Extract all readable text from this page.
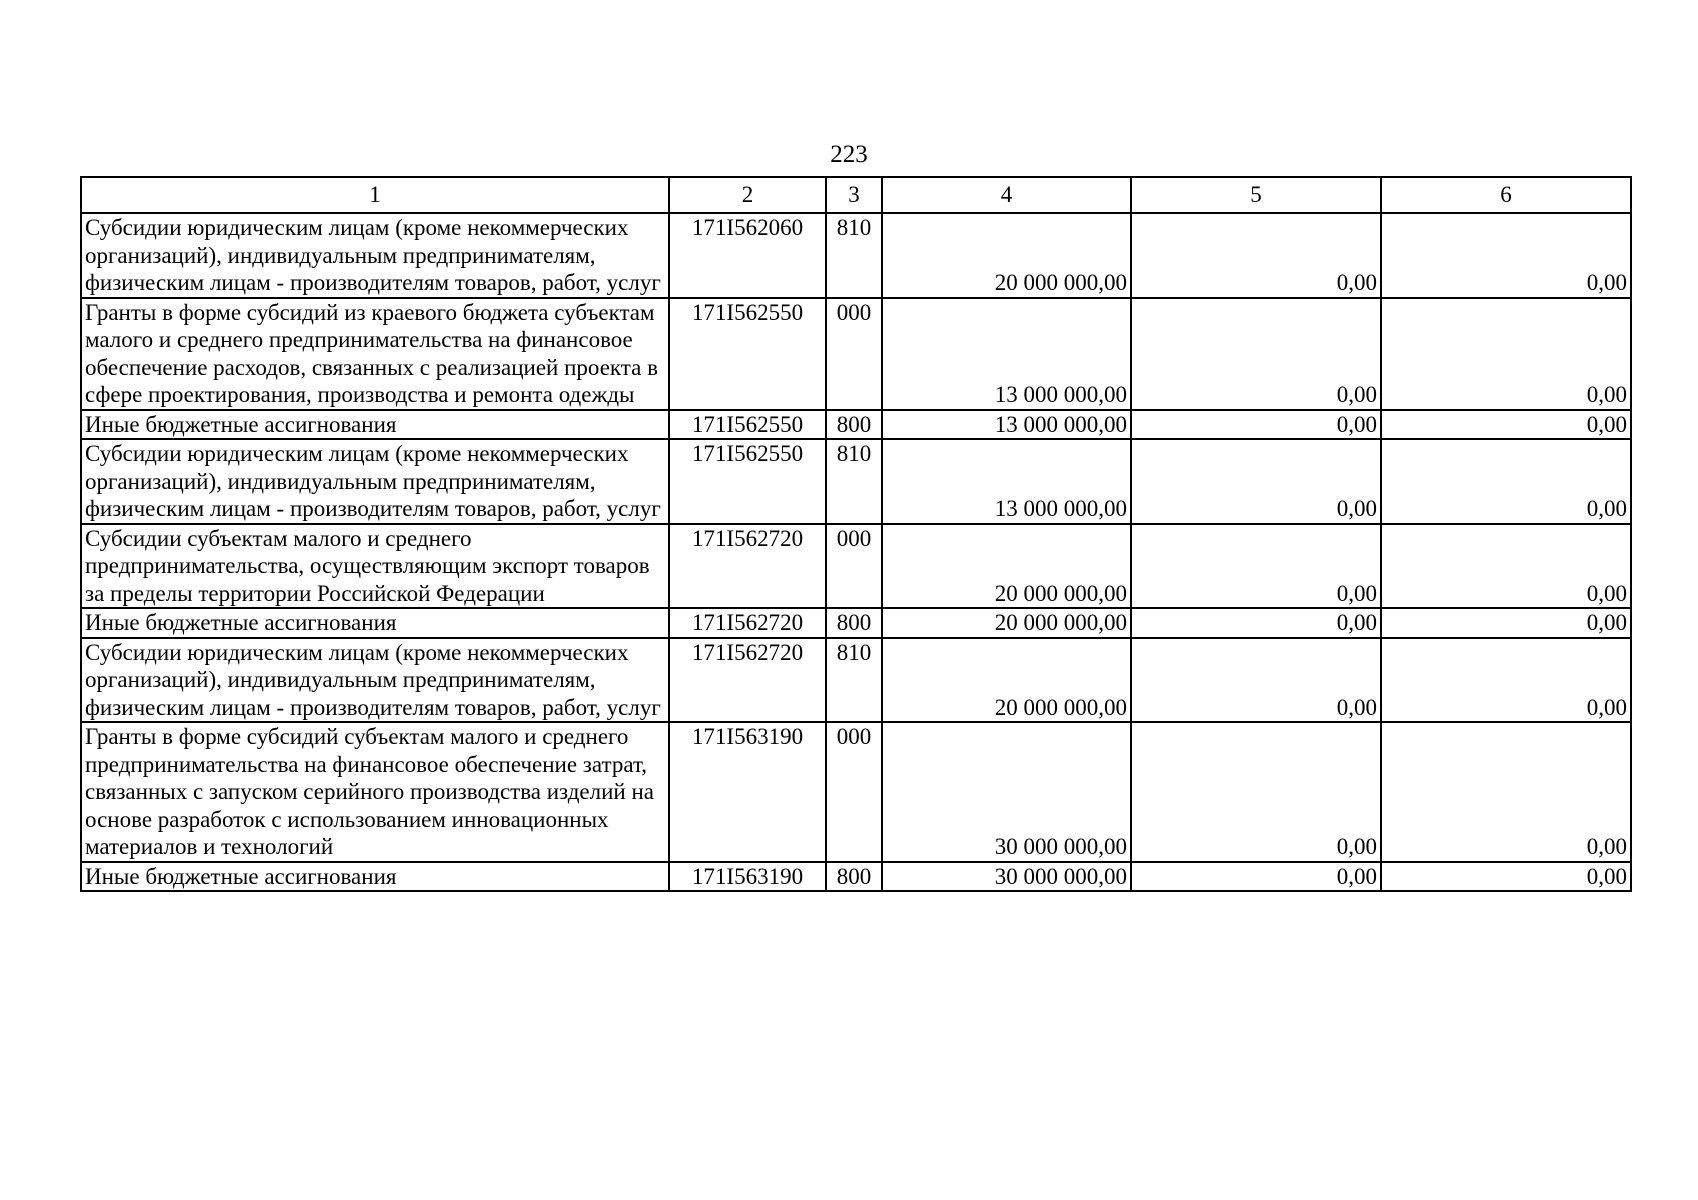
223
1	2	3	4	5	6
Субсидии юридическим лицам (кроме некоммерческих организаций), индивидуальным предпринимателям, физическим лицам - производителям товаров, работ, услуг	171I562060	810	20 000 000,00	0,00	0,00
Гранты в форме субсидий из краевого бюджета субъектам малого и среднего предпринимательства на финансовое обеспечение расходов, связанных с реализацией проекта в сфере проектирования, производства и ремонта одежды	171I562550	000	13 000 000,00	0,00	0,00
Иные бюджетные ассигнования	171I562550	800	13 000 000,00	0,00	0,00
Субсидии юридическим лицам (кроме некоммерческих организаций), индивидуальным предпринимателям, физическим лицам - производителям товаров, работ, услуг	171I562550	810	13 000 000,00	0,00	0,00
Субсидии субъектам малого и среднего предпринимательства, осуществляющим экспорт товаров за пределы территории Российской Федерации	171I562720	000	20 000 000,00	0,00	0,00
Иные бюджетные ассигнования	171I562720	800	20 000 000,00	0,00	0,00
Субсидии юридическим лицам (кроме некоммерческих организаций), индивидуальным предпринимателям, физическим лицам - производителям товаров, работ, услуг	171I562720	810	20 000 000,00	0,00	0,00
Гранты в форме субсидий субъектам малого и среднего предпринимательства на финансовое обеспечение затрат, связанных с запуском серийного производства изделий на основе разработок с использованием инновационных материалов и технологий	171I563190	000	30 000 000,00	0,00	0,00
Иные бюджетные ассигнования	171I563190	800	30 000 000,00	0,00	0,00
